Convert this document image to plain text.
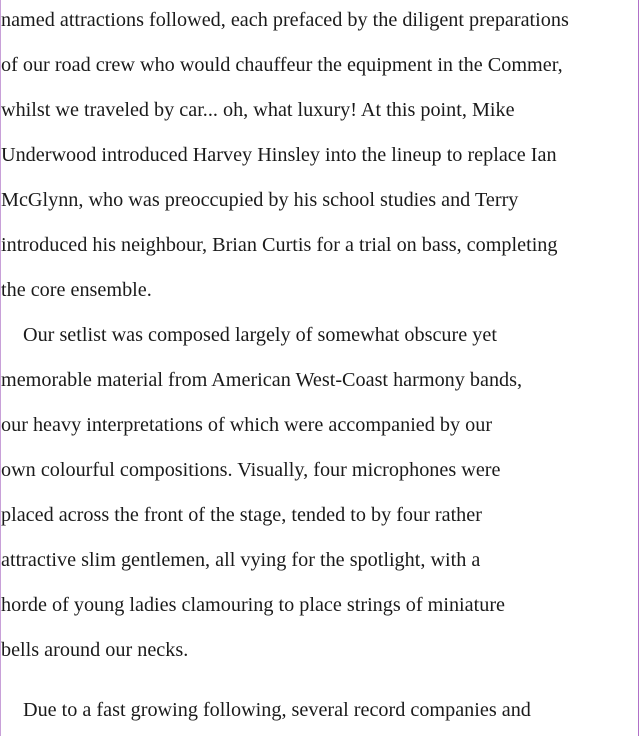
named attractions followed, each prefaced by the diligent preparations
of our road crew who would chauffeur the equipment in the Commer,
whilst we traveled by car... oh, what luxury! At this point, Mike
Underwood introduced Harvey Hinsley into the lineup to replace Ian
McGlynn, who was preoccupied by his school studies and Terry
introduced his neighbour, Brian Curtis for a trial on bass, completing
the core ensemble.
Our setlist was composed largely of somewhat obscure yet
memorable material from American West-Coast harmony bands,
our heavy interpretations of which were accompanied by our
own colourful compositions. Visually, four microphones were
placed across the front of the stage, tended to by four rather
attractive slim gentlemen, all vying for the spotlight, with a
horde of young ladies clamouring to place strings of miniature
bells around our necks.
Due to a fast growing following, several record companies and
